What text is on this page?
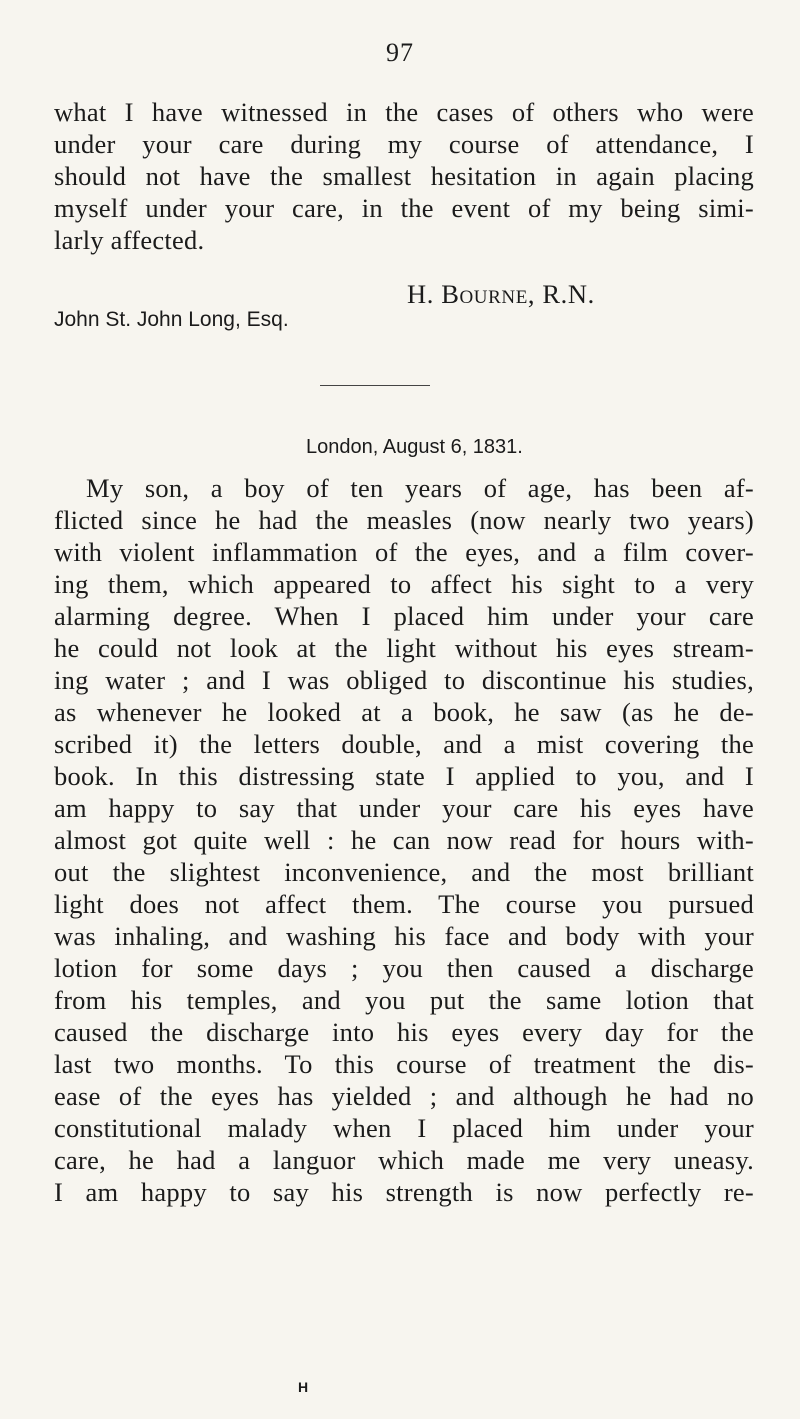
97
what I have witnessed in the cases of others who were
under your care during my course of attendance, I
should not have the smallest hesitation in again placing
myself under your care, in the event of my being simi-
larly affected.
H. Bourne, R.N.
John St. John Long, Esq.
London, August 6, 1831.
My son, a boy of ten years of age, has been af-
flicted since he had the measles (now nearly two years)
with violent inflammation of the eyes, and a film cover-
ing them, which appeared to affect his sight to a very
alarming degree. When I placed him under your care
he could not look at the light without his eyes stream-
ing water ; and I was obliged to discontinue his studies,
as whenever he looked at a book, he saw (as he de-
scribed it) the letters double, and a mist covering the
book. In this distressing state I applied to you, and I
am happy to say that under your care his eyes have
almost got quite well : he can now read for hours with-
out the slightest inconvenience, and the most brilliant
light does not affect them. The course you pursued
was inhaling, and washing his face and body with your
lotion for some days ; you then caused a discharge
from his temples, and you put the same lotion that
caused the discharge into his eyes every day for the
last two months. To this course of treatment the dis-
ease of the eyes has yielded ; and although he had no
constitutional malady when I placed him under your
care, he had a languor which made me very uneasy.
I am happy to say his strength is now perfectly re-
H
